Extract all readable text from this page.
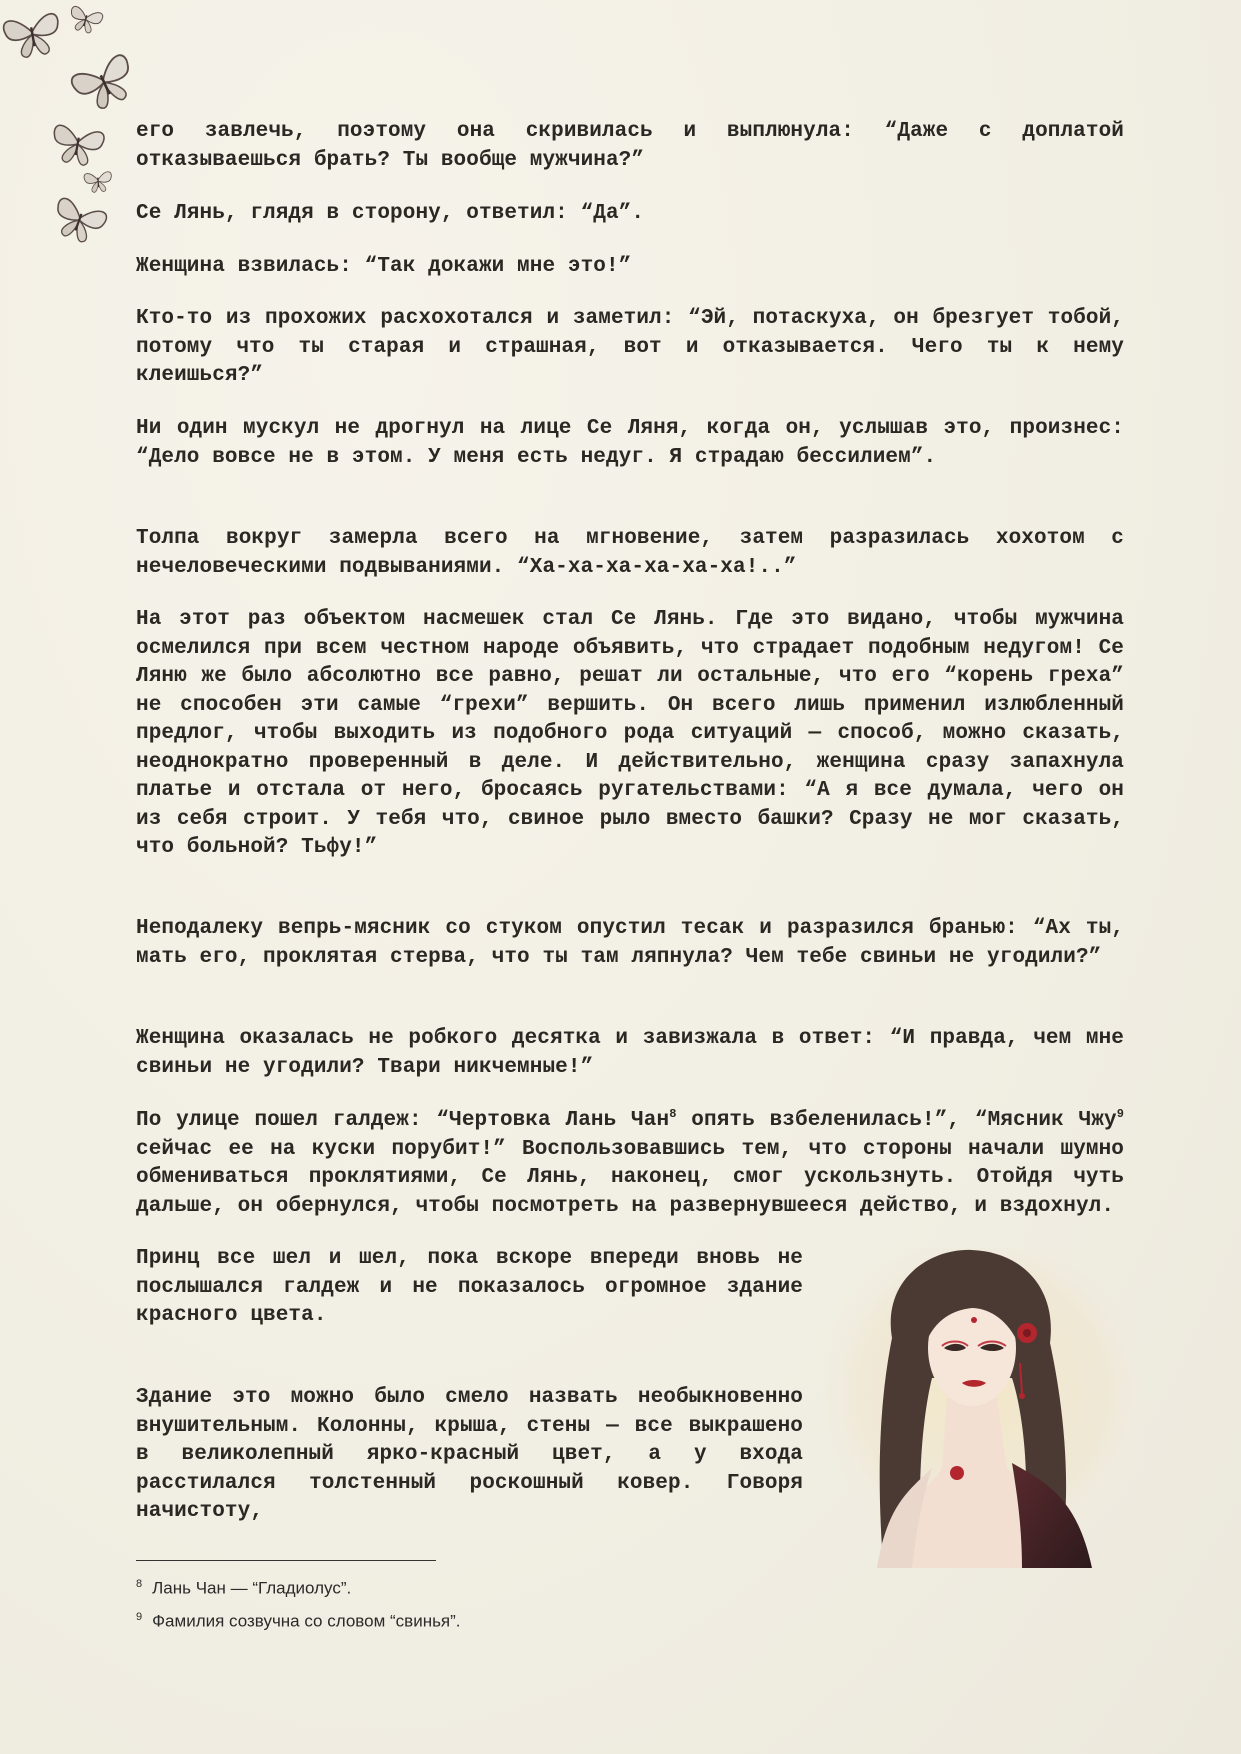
его завлечь, поэтому она скривилась и выплюнула: “Даже с доплатой отказываешься брать? Ты вообще мужчина?”

Се Лянь, глядя в сторону, ответил: “Да”.

Женщина взвилась: “Так докажи мне это!”

Кто-то из прохожих расхохотался и заметил: “Эй, потаскуха, он брезгует тобой, потому что ты старая и страшная, вот и отказывается. Чего ты к нему клеишься?”

Ни один мускул не дрогнул на лице Се Ляня, когда он, услышав это, произнес: “Дело вовсе не в этом. У меня есть недуг. Я страдаю бессилием”.

Толпа вокруг замерла всего на мгновение, затем разразилась хохотом с нечеловеческими подвываниями. “Ха-ха-ха-ха-ха-ха!..”

На этот раз объектом насмешек стал Се Лянь. Где это видано, чтобы мужчина осмелился при всем честном народе объявить, что страдает подобным недугом! Се Ляню же было абсолютно все равно, решат ли остальные, что его “корень греха” не способен эти самые “грехи” вершить. Он всего лишь применил излюбленный предлог, чтобы выходить из подобного рода ситуаций — способ, можно сказать, неоднократно проверенный в деле. И действительно, женщина сразу запахнула платье и отстала от него, бросаясь ругательствами: “А я все думала, чего он из себя строит. У тебя что, свиное рыло вместо башки? Сразу не мог сказать, что больной? Тьфу!”

Неподалеку вепрь-мясник со стуком опустил тесак и разразился бранью: “Ах ты, мать его, проклятая стерва, что ты там ляпнула? Чем тебе свиньи не угодили?”

Женщина оказалась не робкого десятка и завизжала в ответ: “И правда, чем мне свиньи не угодили? Твари никчемные!”

По улице пошел галдеж: “Чертовка Лань Чан$^8$ опять взбеленилась!”, “Мясник Чжу$^9$ сейчас ее на куски порубит!” Воспользовавшись тем, что стороны начали шумно обмениваться проклятиями, Се Лянь, наконец, смог ускользнуть. Отойдя чуть дальше, он обернулся, чтобы посмотреть на развернувшееся действо, и вздохнул.

Принц все шел и шел, пока вскоре впереди вновь не послышался галдеж и не показалось огромное здание красного цвета.

Здание это можно было смело назвать необыкновенно внушительным. Колонны, крыша, стены — все выкрашено в великолепный ярко-красный цвет, а у входа расстилался толстенный роскошный ковер. Говоря начистоту,

$^8$ Лань Чан — “Гладиолус”.
$^9$ Фамилия созвучна со словом “свинья”.
